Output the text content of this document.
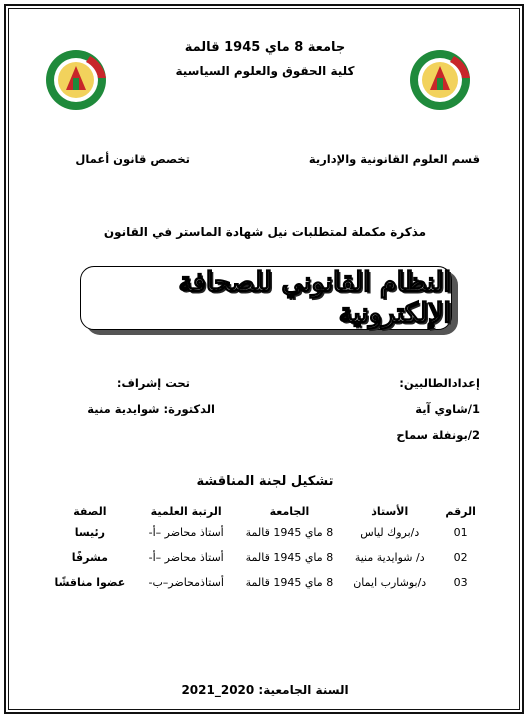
جامعة 8 ماي 1945 قالمة
كلية الحقوق والعلوم السياسية
قسم العلوم القانونية والإدارية
تخصص قانون أعمال
مذكرة مكملة لمتطلبات نيل شهادة الماستر في القانون
النظام القانوني للصحافة الإلكترونية
إعدادالطالبين:
1/شاوي آية
2/بونفلة سماح
تحت إشراف:
الدكتورة: شوايدية منية
تشكيل لجنة المناقشة
الرقم	الأستاذ	الجامعة	الرتبة العلمية	الصفة
01	د/بروك لياس	8 ماي 1945 قالمة	أستاذ محاضر –أ-	رئيسا
02	د/ شوايدية منية	8 ماي 1945 قالمة	أستاذ محاضر –أ-	مشرفًا
03	د/بوشارب ايمان	8 ماي 1945 قالمة	أستاذمحاضر–ب-	عضوا مناقشًا
السنة الجامعية: 2020_2021
